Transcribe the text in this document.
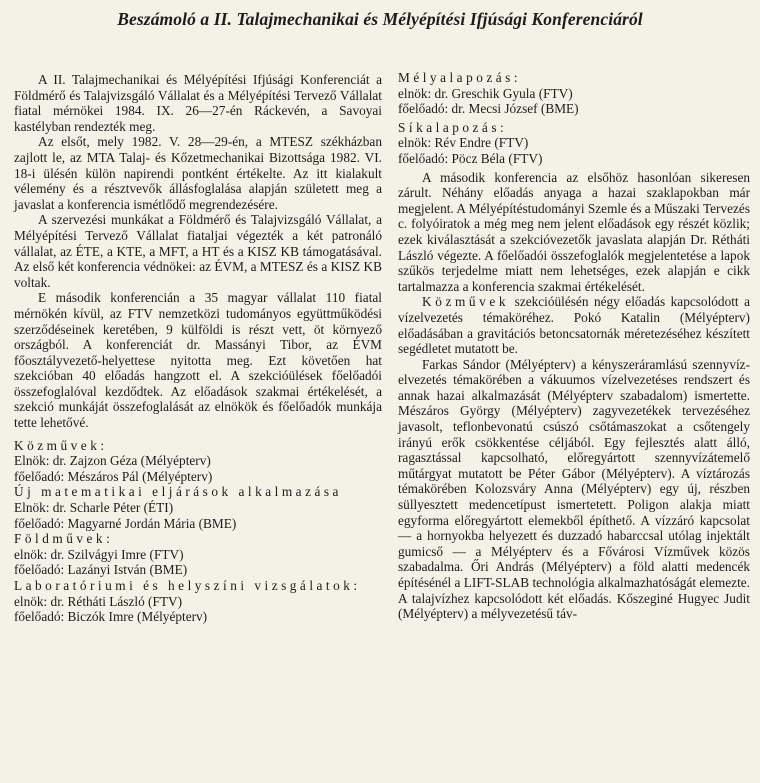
Beszámoló a II. Talajmechanikai és Mélyépítési Ifjúsági Konferenciáról

A II. Talajmechanikai és Mélyépítési Ifjúsági Konferenciát a Földmérő és Talajvizsgáló Vállalat és a Mélyépítési Tervező Vállalat fiatal mérnökei 1984. IX. 26—27-én Ráckevén, a Savoyai kastélyban rendezték meg.

Az elsőt, mely 1982. V. 28—29-én, a MTESZ székházban zajlott le, az MTA Talaj- és Kőzetmechanikai Bizottsága 1982. VI. 18-i ülésén külön napirendi pontként értékelte. Az itt kialakult vélemény és a résztvevők állásfoglalása alapján született meg a javaslat a konferencia ismétlődő megrendezésére.

A szervezési munkákat a Földmérő és Talajvizsgáló Vállalat, a Mélyépítési Tervező Vállalat fiataljai végezték a két patronáló vállalat, az ÉTE, a KTE, a MFT, a HT és a KISZ KB támogatásával. Az első két konferencia védnökei: az ÉVM, a MTESZ és a KISZ KB voltak.

E második konferencián a 35 magyar vállalat 110 fiatal mérnökén kívül, az FTV nemzetközi tudományos együttműködési szerződéseinek keretében, 9 külföldi is részt vett, öt környező országból. A konferenciát dr. Massányi Tibor, az ÉVM főosztályvezető-helyettese nyitotta meg. Ezt követően hat szekcióban 40 előadás hangzott el. A szekcióülések főelőadói összefoglalóval kezdődtek. Az előadások szakmai értékelését, a szekció munkáját összefoglalását az elnökök és főelőadók munkája tette lehetővé.

Közművek:

Elnök: dr. Zajzon Géza (Mélyépterv)

főelőadó: Mészáros Pál (Mélyépterv)

Új matematikai eljárások alkalmazása

Elnök: dr. Scharle Péter (ÉTI)

főelőadó: Magyarné Jordán Mária (BME)

Földművek:

elnök: dr. Szilvágyi Imre (FTV)

főelőadó: Lazányi István (BME)

Laboratóriumi és helyszíni vizsgálatok:

elnök: dr. Rétháti László (FTV)

főelőadó: Biczók Imre (Mélyépterv)

Mélyalapozás:

elnök: dr. Greschik Gyula (FTV)

főelőadó: dr. Mecsi József (BME)

Síkalapozás:

elnök: Rév Endre (FTV)

főelőadó: Pöcz Béla (FTV)

A második konferencia az elsőhöz hasonlóan sikeresen zárult. Néhány előadás anyaga a hazai szaklapokban már megjelent. A Mélyépítéstudományi Szemle és a Műszaki Tervezés c. folyóiratok a még meg nem jelent előadások egy részét közlik; ezek kiválasztását a szekcióvezetők javaslata alapján Dr. Rétháti László végezte. A főelőadói összefoglalók megjelentetése a lapok szűkös terjedelme miatt nem lehetséges, ezek alapján e cikk tartalmazza a konferencia szakmai értékelését.

Közművek szekcióülésén négy előadás kapcsolódott a vízelvezetés témaköréhez. Pokó Katalin (Mélyépterv) előadásában a gravitációs betoncsatornák méretezéséhez készített segédletet mutatott be.

Farkas Sándor (Mélyépterv) a kényszeráramlású szennyvíz-elvezetés témakörében a vákuumos vízelvezetéses rendszert és annak hazai alkalmazását (Mélyépterv szabadalom) ismertette. Mészáros György (Mélyépterv) zagyvezetékek tervezéséhez javasolt, teflonbevonatú csúszó csőtámaszokat a csőtengely irányú erők csökkentése céljából. Egy fejlesztés alatt álló, ragasztással kapcsolható, előregyártott szennyvízátemelő műtárgyat mutatott be Péter Gábor (Mélyépterv). A víztározás témakörében Kolozsváry Anna (Mélyépterv) egy új, részben süllyesztett medencetípust ismertetett. Poligon alakja miatt egyforma előregyártott elemekből építhető. A vízzáró kapcsolat — a hornyokba helyezett és duzzadó habarccsal utólag injektált gumicső — a Mélyépterv és a Fővárosi Vízművek közös szabadalma. Őri András (Mélyépterv) a föld alatti medencék építésénél a LIFT-SLAB technológia alkalmazhatóságát elemezte. A talajvízhez kapcsolódott két előadás. Kőszeginé Hugyec Judit (Mélyépterv) a mélyvezetésű táv-
